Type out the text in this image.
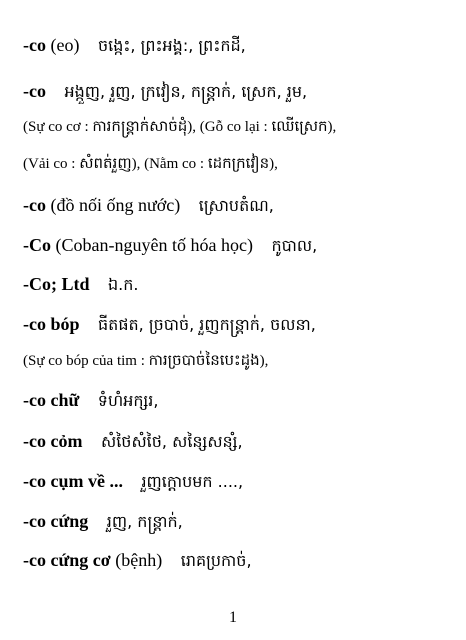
-co (eo) ចង្កេះ, ព្រះអង្គ:, ព្រះកដី,
-co អង្កួញ, រួញ, ក្រវៀន, កន្ត្រាក់, ស្រេក, រួម,
(Sự co cơ : ការកន្ត្រាក់សាច់ដុំ), (Gỗ co lại : ឈើស្រេក),
(Vải co : សំពត់រួញ), (Nằm co : ដេកក្រវៀន),
-co (đồ nối ống nước) ស្រោបតំណ,
-Co (Coban-nguyên tố hóa học) កូបាល,
-Co; Ltd ឯ.ក.
-co bóp ធីតផត, ច្របាច់, រួញកន្ត្រាក់, ចលនា,
(Sự co bóp của tim : ការច្របាច់នៃបេះដូង),
-co chữ ទំហំអក្សរ,
-co cỏm សំថៃសំថៃ, សន្សៃសន្សំ,
-co cụm về ... រួញក្តោបមក ....,
-co cứng រួញ, កន្ត្រាក់,
-co cứng cơ (bệnh) រោគប្រកាច់,
1
